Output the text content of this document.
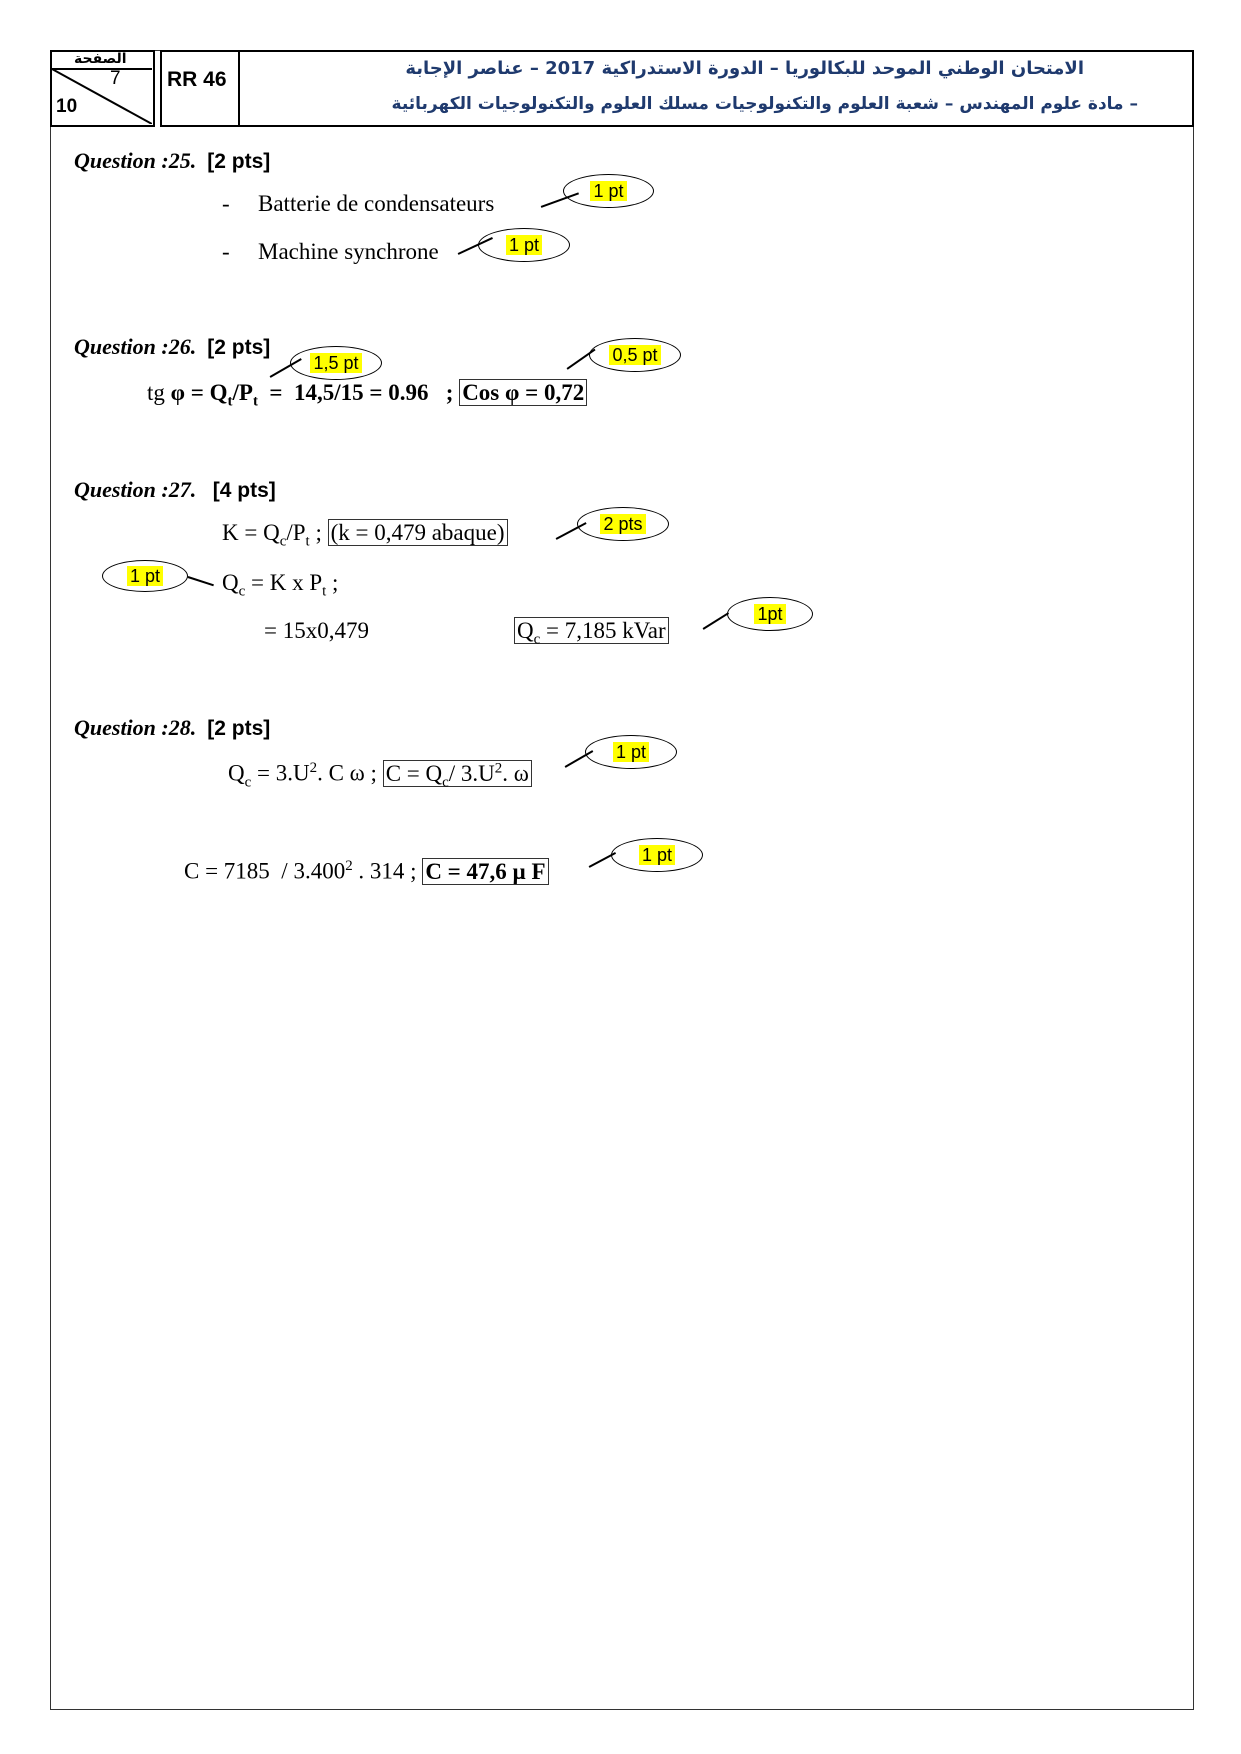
الصفحة
7
10
RR 46	الامتحان الوطني الموحد للبكالوريا – الدورة الاستدراكية 2017 – عناصر الإجابة
– مادة علوم المهندس – شعبة العلوم والتكنولوجيات مسلك العلوم والتكنولوجيات الكهربائية
Question :25. [2 pts]
- Batterie de condensateurs
- Machine synchrone
1 pt
1 pt
Question :26. [2 pts]
tg $\varphi = Q_t/P_t = 14,5/15 = 0.96$   ; Cos φ = 0,72
1,5 pt	0,5 pt
Question :27. [4 pts]
$K = Q_c/P_t$ ; (k = 0,479 abaque)	2 pts
1 pt	$Q_c = K$ x $P_t$ ;
= 15x0,479	$Q_c = 7,185$ kVar
1pt
Question :28. [2 pts]
$Q_c = 3.U^2$. C ω ; $C = Q_c/$ $3.U^2$. ω
1 pt
C = 7185  / 3.400$^2$ . 314 ; C = 47,6 µ F
1 pt
